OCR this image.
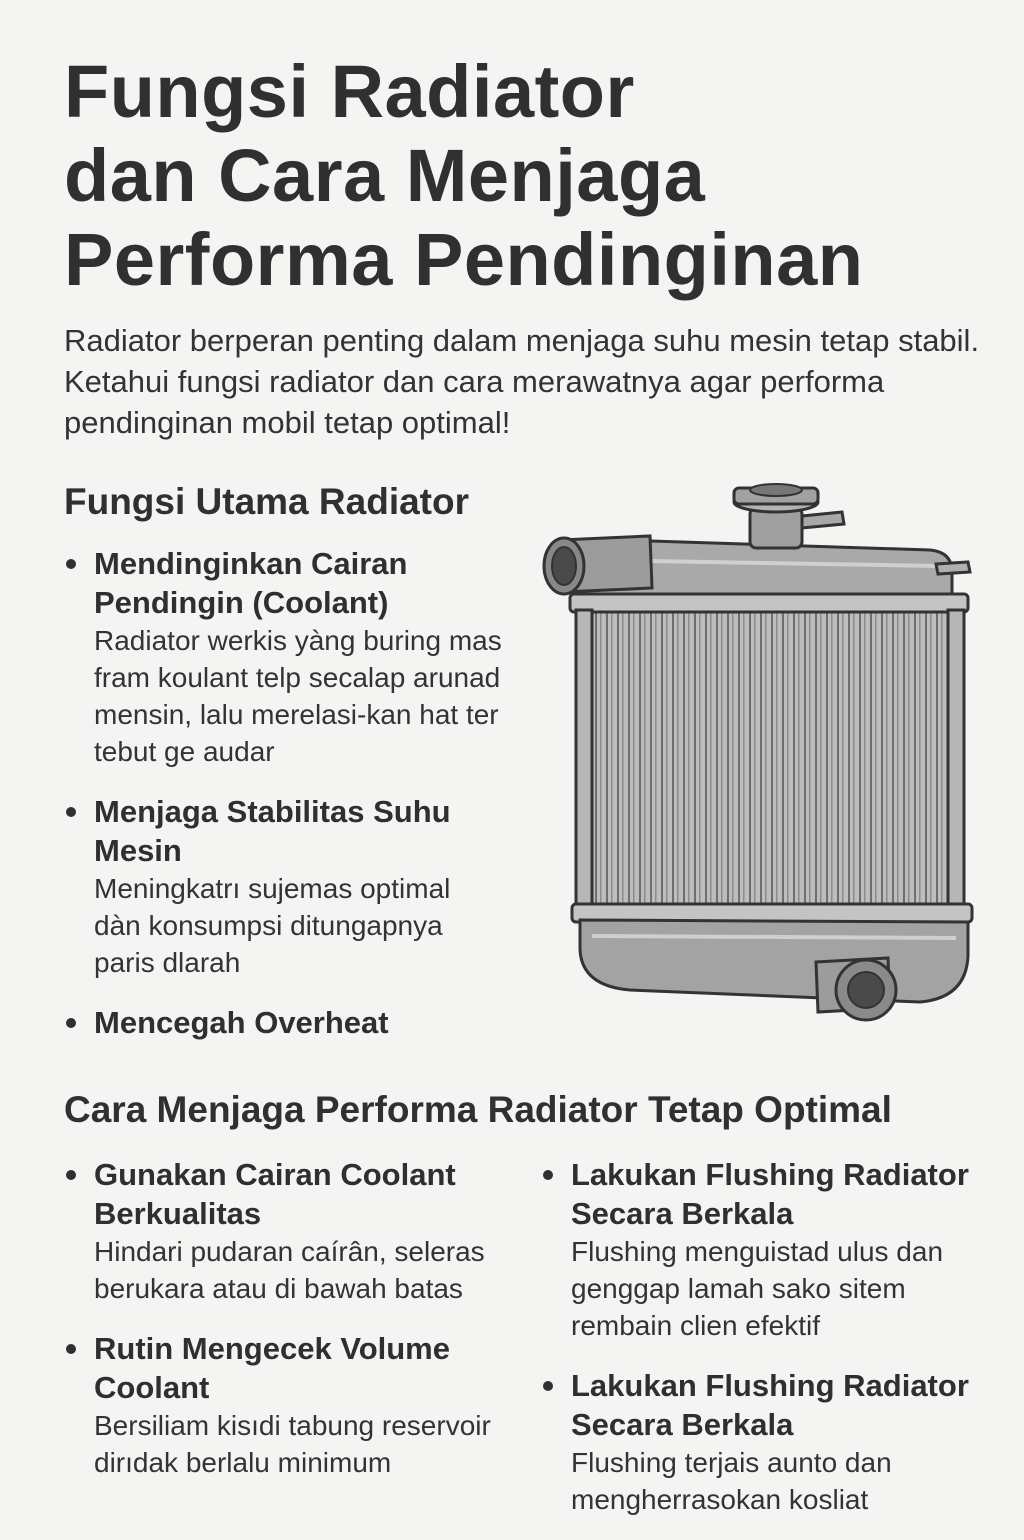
Fungsi Radiator
dan Cara Menjaga
Performa Pendinginan

Radiator berperan penting dalam menjaga suhu mesin tetap stabil. Ketahui fungsi radiator dan cara merawatnya agar performa pendinginan mobil tetap optimal!

Fungsi Utama Radiator
Mendinginkan Cairan Pendingin (Coolant)
Radiator werkis yàng buring mas fram koulant telp secalap arunad mensin, lalu merelasi-kan hat ter tebut ge audar
Menjaga Stabilitas Suhu Mesin
Meningkatrı sujemas optimal dàn konsumpsi ditungapnya paris dlarah
Mencegah Overheat
Cara Menjaga Performa Radiator Tetap Optimal
Gunakan Cairan Coolant Berkualitas
Hindari pudaran caírân, seleras berukara atau di bawah batas
Rutin Mengecek Volume Coolant
Bersiliam kisıdi tabung reservoir dirıdak berlalu minimum
Lakukan Flushing Radiator Secara Berkala
Flushing menguistad ulus dan genggap lamah sako sitem rembain clien efektif
Lakukan Flushing Radiator Secara Berkala
Flushing terjais aunto dan mengherrasokan kosliat
